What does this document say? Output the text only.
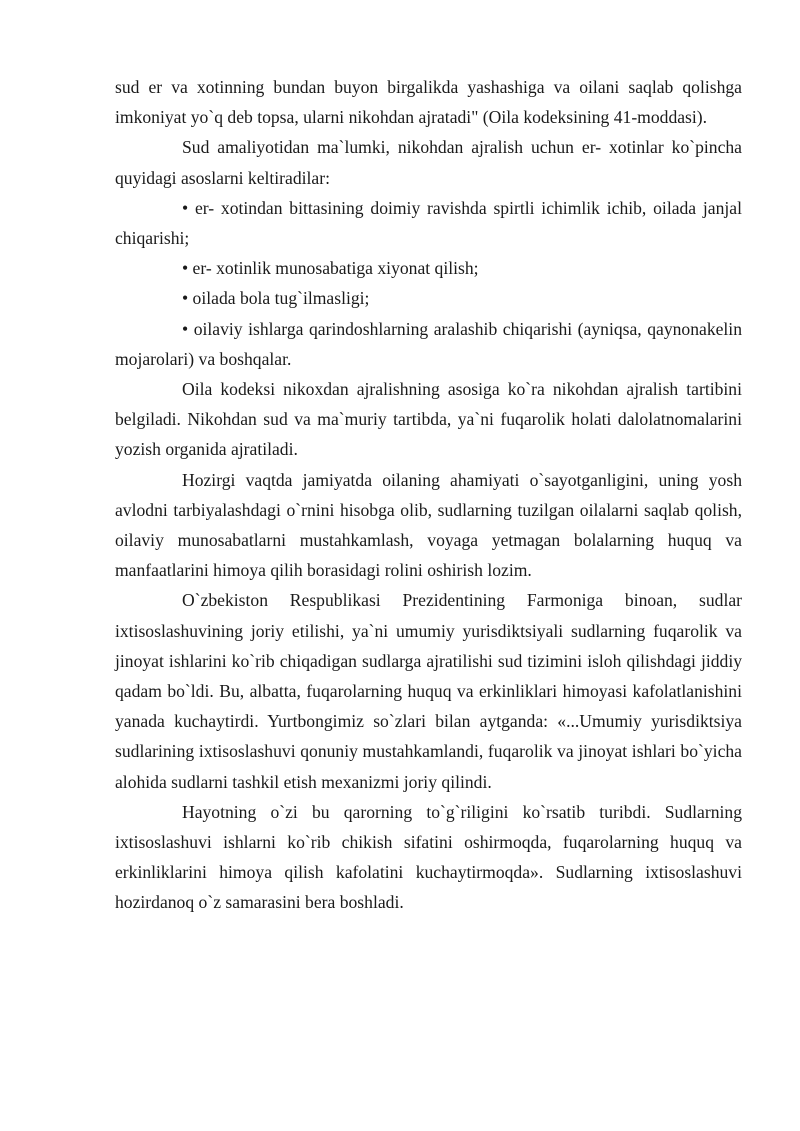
sud er va xotinning bundan buyon birgalikda yashashiga va oilani saqlab qolishga imkoniyat yo`q deb topsa, ularni nikohdan ajratadi" (Oila kodeksining 41-moddasi).

Sud amaliyotidan ma`lumki, nikohdan ajralish uchun er- xotinlar ko`pincha quyidagi asoslarni keltiradilar:

• er- xotindan bittasining doimiy ravishda spirtli ichimlik ichib, oilada janjal chiqarishi;

• er- xotinlik munosabatiga xiyonat qilish;

• oilada bola tug`ilmasligi;

• oilaviy ishlarga qarindoshlarning aralashib chiqarishi (ayniqsa, qaynonakelin mojarolari) va boshqalar.

Oila kodeksi nikoxdan ajralishning asosiga ko`ra nikohdan ajralish tartibini belgiladi. Nikohdan sud va ma`muriy tartibda, ya`ni fuqarolik holati dalolatnomalarini yozish organida ajratiladi.

Hozirgi vaqtda jamiyatda oilaning ahamiyati o`sayotganligini, uning yosh avlodni tarbiyalashdagi o`rnini hisobga olib, sudlarning tuzilgan oilalarni saqlab qolish, oilaviy munosabatlarni mustahkamlash, voyaga yetmagan bolalarning huquq va manfaatlarini himoya qilih borasidagi rolini oshirish lozim.

O`zbekiston Respublikasi Prezidentining Farmoniga binoan, sudlar ixtisoslashuvining joriy etilishi, ya`ni umumiy yurisdiktsiyali sudlarning fuqarolik va jinoyat ishlarini ko`rib chiqadigan sudlarga ajratilishi sud tizimini isloh qilishdagi jiddiy qadam bo`ldi. Bu, albatta, fuqarolarning huquq va erkinliklari himoyasi kafolatlanishini yanada kuchaytirdi. Yurtbongimiz so`zlari bilan aytganda: «...Umumiy yurisdiktsiya sudlarining ixtisoslashuvi qonuniy mustahkamlandi, fuqarolik va jinoyat ishlari bo`yicha alohida sudlarni tashkil etish mexanizmi joriy qilindi.

Hayotning o`zi bu qarorning to`g`riligini ko`rsatib turibdi. Sudlarning ixtisoslashuvi ishlarni ko`rib chikish sifatini oshirmoqda, fuqarolarning huquq va erkinliklarini himoya qilish kafolatini kuchaytirmoqda». Sudlarning ixtisoslashuvi hozirdanoq o`z samarasini bera boshladi.
